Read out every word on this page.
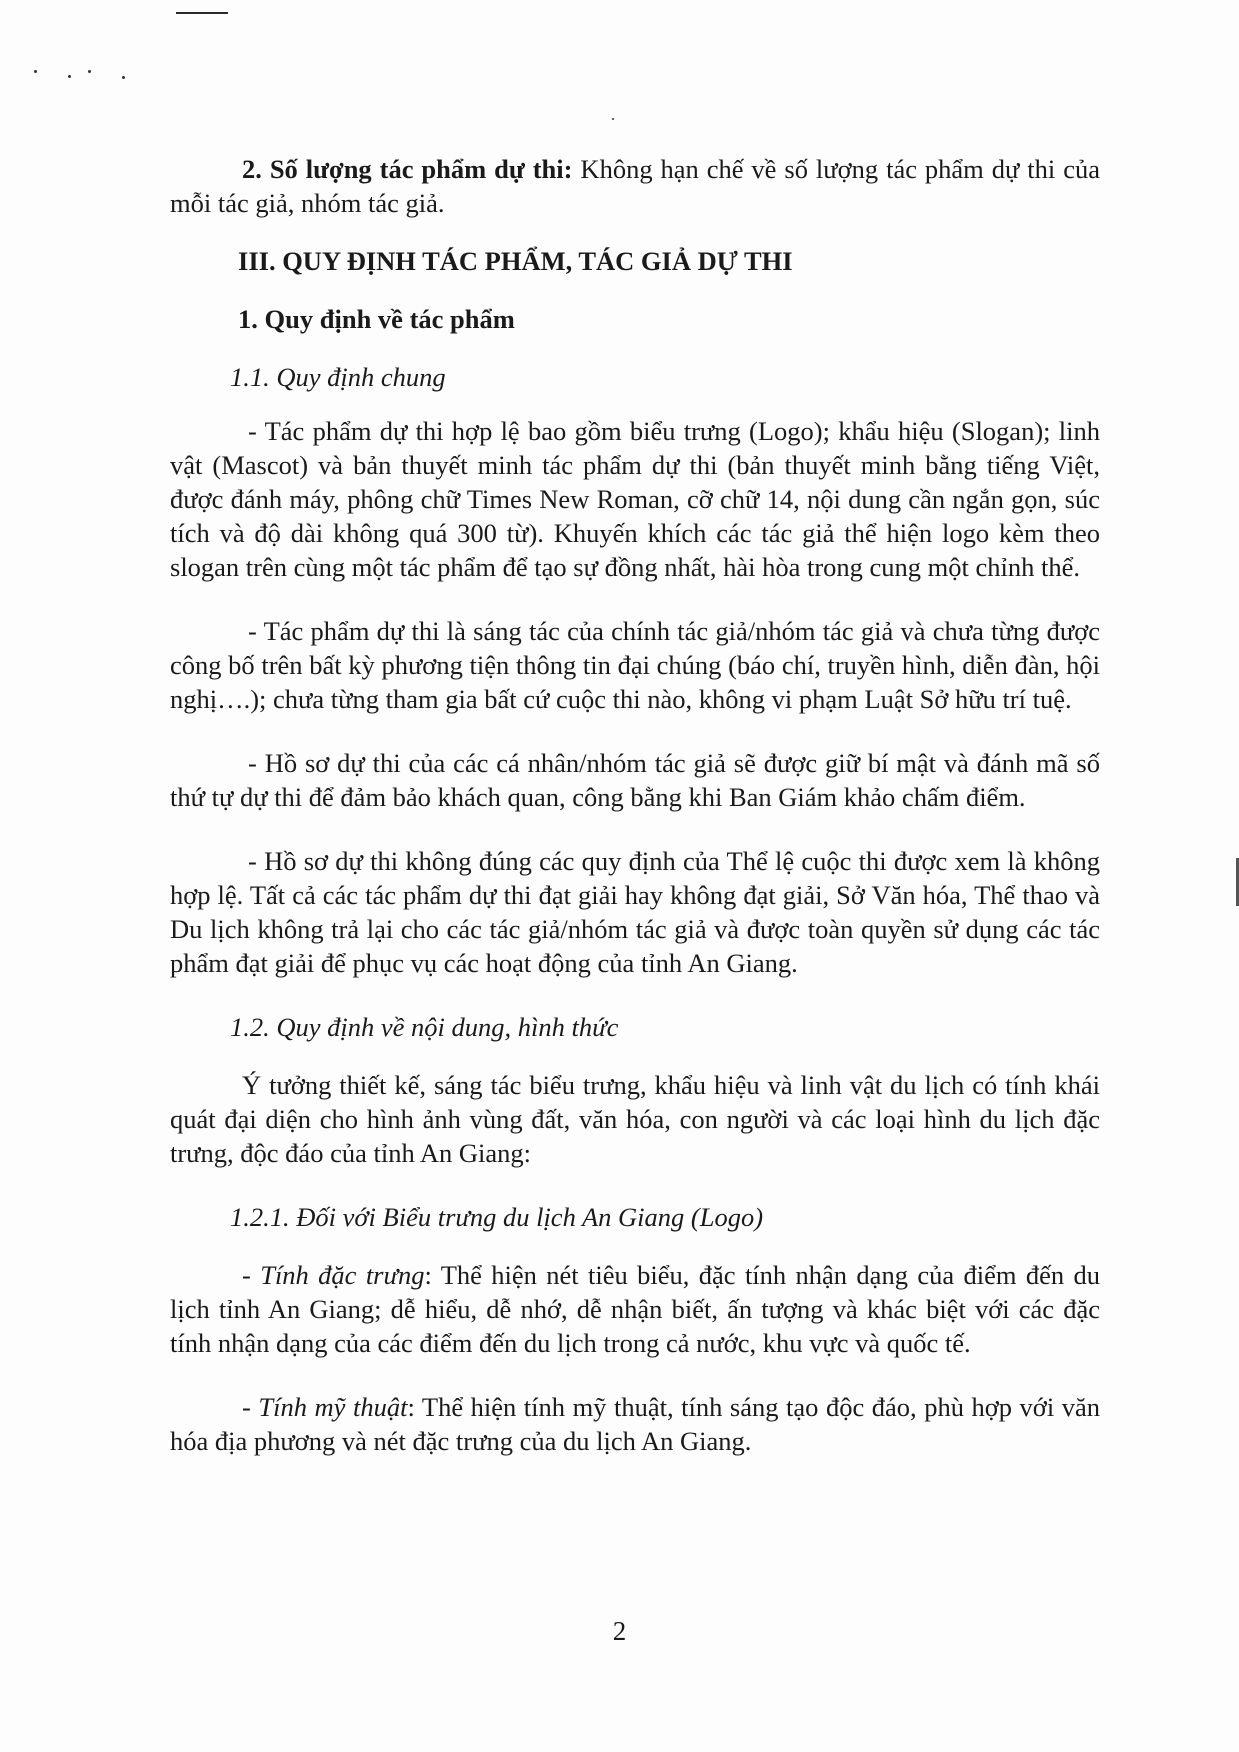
2. Số lượng tác phẩm dự thi: Không hạn chế về số lượng tác phẩm dự thi của mỗi tác giả, nhóm tác giả.

III. QUY ĐỊNH TÁC PHẨM, TÁC GIẢ DỰ THI

1. Quy định về tác phẩm

1.1. Quy định chung

- Tác phẩm dự thi hợp lệ bao gồm biểu trưng (Logo); khẩu hiệu (Slogan); linh vật (Mascot) và bản thuyết minh tác phẩm dự thi (bản thuyết minh bằng tiếng Việt, được đánh máy, phông chữ Times New Roman, cỡ chữ 14, nội dung cần ngắn gọn, súc tích và độ dài không quá 300 từ). Khuyến khích các tác giả thể hiện logo kèm theo slogan trên cùng một tác phẩm để tạo sự đồng nhất, hài hòa trong cung một chỉnh thể.

- Tác phẩm dự thi là sáng tác của chính tác giả/nhóm tác giả và chưa từng được công bố trên bất kỳ phương tiện thông tin đại chúng (báo chí, truyền hình, diễn đàn, hội nghị….); chưa từng tham gia bất cứ cuộc thi nào, không vi phạm Luật Sở hữu trí tuệ.

- Hồ sơ dự thi của các cá nhân/nhóm tác giả sẽ được giữ bí mật và đánh mã số thứ tự dự thi để đảm bảo khách quan, công bằng khi Ban Giám khảo chấm điểm.

- Hồ sơ dự thi không đúng các quy định của Thể lệ cuộc thi được xem là không hợp lệ. Tất cả các tác phẩm dự thi đạt giải hay không đạt giải, Sở Văn hóa, Thể thao và Du lịch không trả lại cho các tác giả/nhóm tác giả và được toàn quyền sử dụng các tác phẩm đạt giải để phục vụ các hoạt động của tỉnh An Giang.

1.2. Quy định về nội dung, hình thức

Ý tưởng thiết kế, sáng tác biểu trưng, khẩu hiệu và linh vật du lịch có tính khái quát đại diện cho hình ảnh vùng đất, văn hóa, con người và các loại hình du lịch đặc trưng, độc đáo của tỉnh An Giang:

1.2.1. Đối với Biểu trưng du lịch An Giang (Logo)

- Tính đặc trưng: Thể hiện nét tiêu biểu, đặc tính nhận dạng của điểm đến du lịch tỉnh An Giang; dễ hiểu, dễ nhớ, dễ nhận biết, ấn tượng và khác biệt với các đặc tính nhận dạng của các điểm đến du lịch trong cả nước, khu vực và quốc tế.

- Tính mỹ thuật: Thể hiện tính mỹ thuật, tính sáng tạo độc đáo, phù hợp với văn hóa địa phương và nét đặc trưng của du lịch An Giang.

2
